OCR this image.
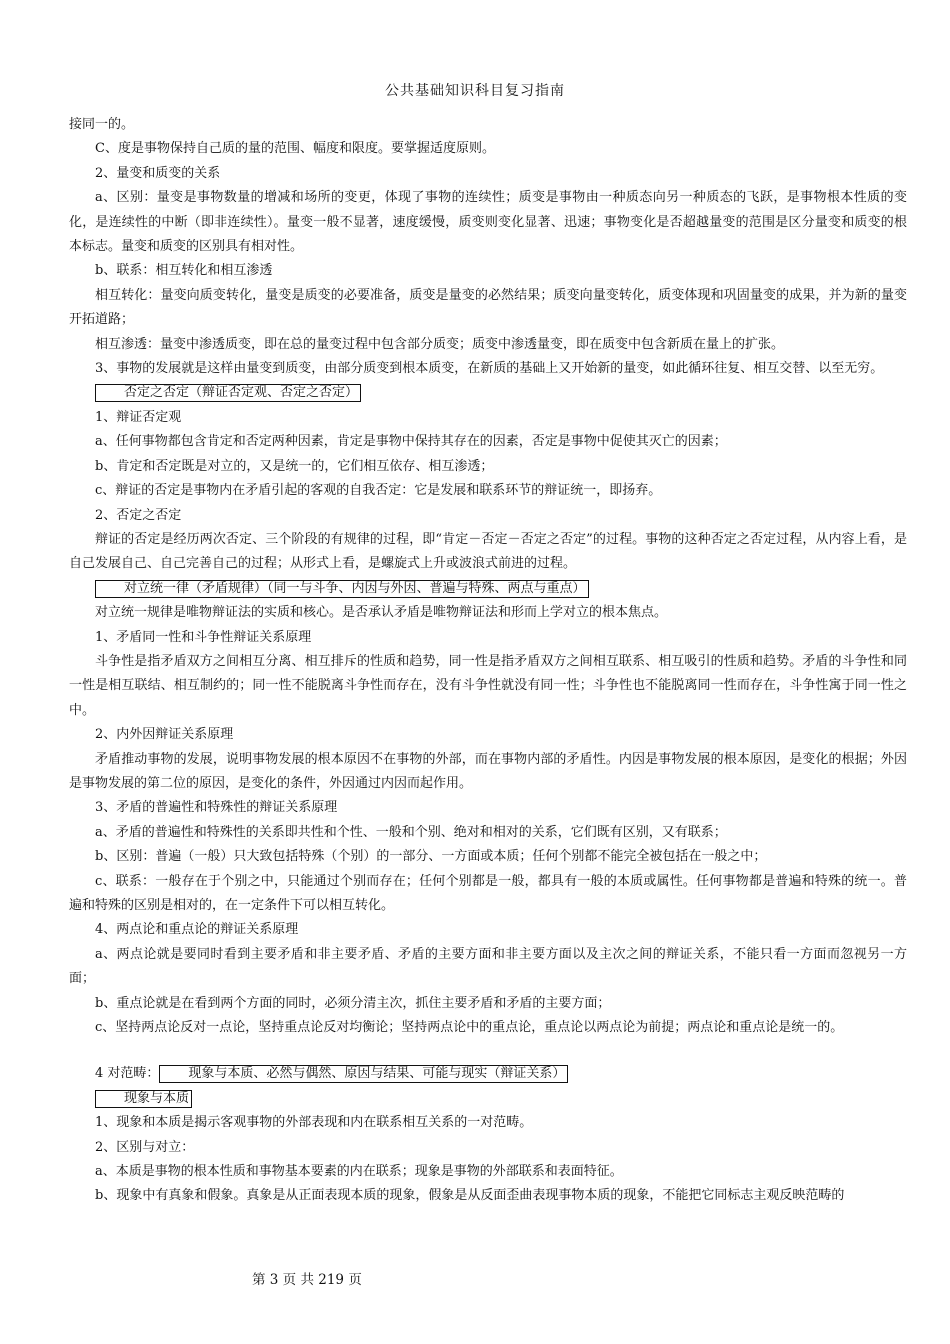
公共基础知识科目复习指南

接同一的。

C、度是事物保持自己质的量的范围、幅度和限度。要掌握适度原则。

2、量变和质变的关系

a、区别：量变是事物数量的增减和场所的变更，体现了事物的连续性；质变是事物由一种质态向另一种质态的飞跃，是事物根本性质的变化，是连续性的中断（即非连续性）。量变一般不显著，速度缓慢，质变则变化显著、迅速；事物变化是否超越量变的范围是区分量变和质变的根本标志。量变和质变的区别具有相对性。

b、联系：相互转化和相互渗透

相互转化：量变向质变转化，量变是质变的必要准备，质变是量变的必然结果；质变向量变转化，质变体现和巩固量变的成果，并为新的量变开拓道路；

相互渗透：量变中渗透质变，即在总的量变过程中包含部分质变；质变中渗透量变，即在质变中包含新质在量上的扩张。

3、事物的发展就是这样由量变到质变，由部分质变到根本质变，在新质的基础上又开始新的量变，如此循环往复、相互交替、以至无穷。

否定之否定（辩证否定观、否定之否定）

1、辩证否定观

a、任何事物都包含肯定和否定两种因素，肯定是事物中保持其存在的因素，否定是事物中促使其灭亡的因素；

b、肯定和否定既是对立的，又是统一的，它们相互依存、相互渗透；

c、辩证的否定是事物内在矛盾引起的客观的自我否定：它是发展和联系环节的辩证统一，即扬弃。

2、否定之否定

辩证的否定是经历两次否定、三个阶段的有规律的过程，即“肯定－否定－否定之否定”的过程。事物的这种否定之否定过程，从内容上看，是自己发展自己、自己完善自己的过程；从形式上看，是螺旋式上升或波浪式前进的过程。

对立统一律（矛盾规律）（同一与斗争、内因与外因、普遍与特殊、两点与重点）

对立统一规律是唯物辩证法的实质和核心。是否承认矛盾是唯物辩证法和形而上学对立的根本焦点。

1、矛盾同一性和斗争性辩证关系原理

斗争性是指矛盾双方之间相互分离、相互排斥的性质和趋势，同一性是指矛盾双方之间相互联系、相互吸引的性质和趋势。矛盾的斗争性和同一性是相互联结、相互制约的；同一性不能脱离斗争性而存在，没有斗争性就没有同一性；斗争性也不能脱离同一性而存在，斗争性寓于同一性之中。

2、内外因辩证关系原理

矛盾推动事物的发展，说明事物发展的根本原因不在事物的外部，而在事物内部的矛盾性。内因是事物发展的根本原因，是变化的根据；外因是事物发展的第二位的原因，是变化的条件，外因通过内因而起作用。

3、矛盾的普遍性和特殊性的辩证关系原理

a、矛盾的普遍性和特殊性的关系即共性和个性、一般和个别、绝对和相对的关系，它们既有区别，又有联系；

b、区别：普遍（一般）只大致包括特殊（个别）的一部分、一方面或本质；任何个别都不能完全被包括在一般之中；

c、联系：一般存在于个别之中，只能通过个别而存在；任何个别都是一般，都具有一般的本质或属性。任何事物都是普遍和特殊的统一。普遍和特殊的区别是相对的，在一定条件下可以相互转化。

4、两点论和重点论的辩证关系原理

a、两点论就是要同时看到主要矛盾和非主要矛盾、矛盾的主要方面和非主要方面以及主次之间的辩证关系，不能只看一方面而忽视另一方面；

b、重点论就是在看到两个方面的同时，必须分清主次，抓住主要矛盾和矛盾的主要方面；

c、坚持两点论反对一点论，坚持重点论反对均衡论；坚持两点论中的重点论，重点论以两点论为前提；两点论和重点论是统一的。

4 对范畴： 现象与本质、必然与偶然、原因与结果、可能与现实（辩证关系）

现象与本质

1、现象和本质是揭示客观事物的外部表现和内在联系相互关系的一对范畴。

2、区别与对立：

a、本质是事物的根本性质和事物基本要素的内在联系；现象是事物的外部联系和表面特征。

b、现象中有真象和假象。真象是从正面表现本质的现象，假象是从反面歪曲表现事物本质的现象，不能把它同标志主观反映范畴的

第 3 页 共 219 页
